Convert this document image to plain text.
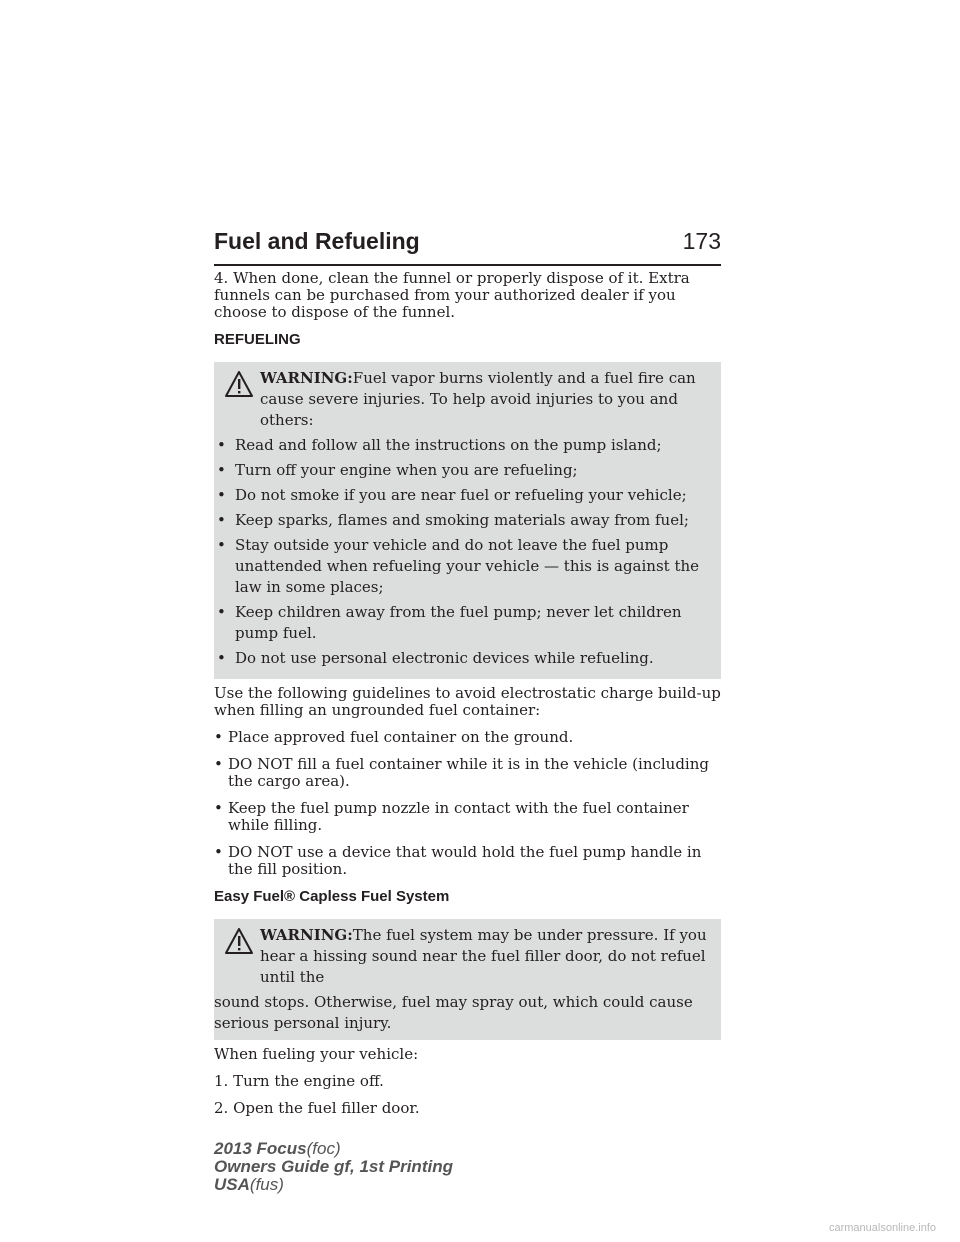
Fuel and Refueling	173

4. When done, clean the funnel or properly dispose of it. Extra funnels can be purchased from your authorized dealer if you choose to dispose of the funnel.

REFUELING
WARNING:Fuel vapor burns violently and a fuel fire can cause severe injuries. To help avoid injuries to you and others:
• Read and follow all the instructions on the pump island;
• Turn off your engine when you are refueling;
• Do not smoke if you are near fuel or refueling your vehicle;
• Keep sparks, flames and smoking materials away from fuel;
• Stay outside your vehicle and do not leave the fuel pump unattended when refueling your vehicle — this is against the law in some places;
• Keep children away from the fuel pump; never let children pump fuel.
• Do not use personal electronic devices while refueling.

Use the following guidelines to avoid electrostatic charge build-up when filling an ungrounded fuel container:

• Place approved fuel container on the ground.
• DO NOT fill a fuel container while it is in the vehicle (including the cargo area).
• Keep the fuel pump nozzle in contact with the fuel container while filling.
• DO NOT use a device that would hold the fuel pump handle in the fill position.
Easy Fuel® Capless Fuel System
WARNING:The fuel system may be under pressure. If you hear a hissing sound near the fuel filler door, do not refuel until the
sound stops. Otherwise, fuel may spray out, which could cause serious personal injury.

When fueling your vehicle:

1. Turn the engine off.

2. Open the fuel filler door.

2013 Focus(foc)
Owners Guide gf, 1st Printing
USA(fus)
carmanualsonline.info
